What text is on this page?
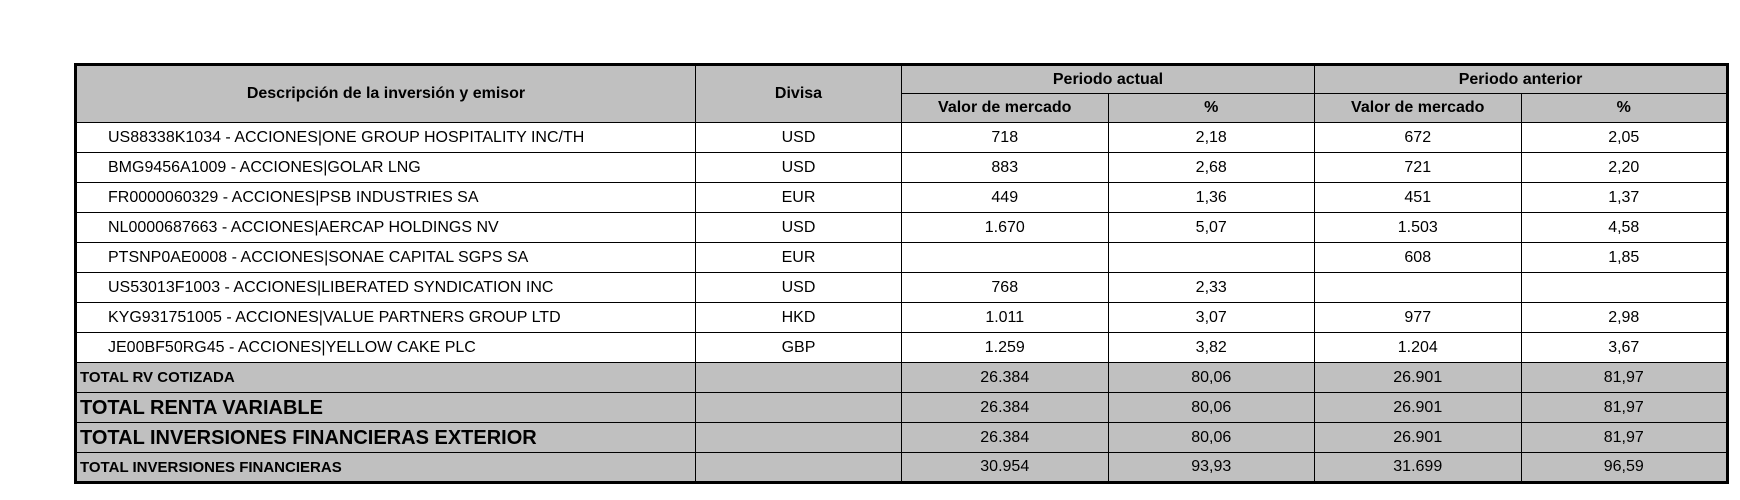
Descripción de la inversión y emisor	Divisa	Periodo actual		Periodo anterior	
		Valor de mercado	%	Valor de mercado	%
US88338K1034 - ACCIONES|ONE GROUP HOSPITALITY INC/TH	USD	718	2,18	672	2,05
BMG9456A1009 - ACCIONES|GOLAR LNG	USD	883	2,68	721	2,20
FR0000060329 - ACCIONES|PSB INDUSTRIES SA	EUR	449	1,36	451	1,37
NL0000687663 - ACCIONES|AERCAP HOLDINGS NV	USD	1.670	5,07	1.503	4,58
PTSNP0AE0008 - ACCIONES|SONAE CAPITAL SGPS SA	EUR			608	1,85
US53013F1003 - ACCIONES|LIBERATED SYNDICATION INC	USD	768	2,33		
KYG931751005 - ACCIONES|VALUE PARTNERS GROUP LTD	HKD	1.011	3,07	977	2,98
JE00BF50RG45 - ACCIONES|YELLOW CAKE PLC	GBP	1.259	3,82	1.204	3,67
TOTAL RV COTIZADA		26.384	80,06	26.901	81,97
TOTAL RENTA VARIABLE		26.384	80,06	26.901	81,97
TOTAL INVERSIONES FINANCIERAS EXTERIOR		26.384	80,06	26.901	81,97
TOTAL INVERSIONES FINANCIERAS		30.954	93,93	31.699	96,59
